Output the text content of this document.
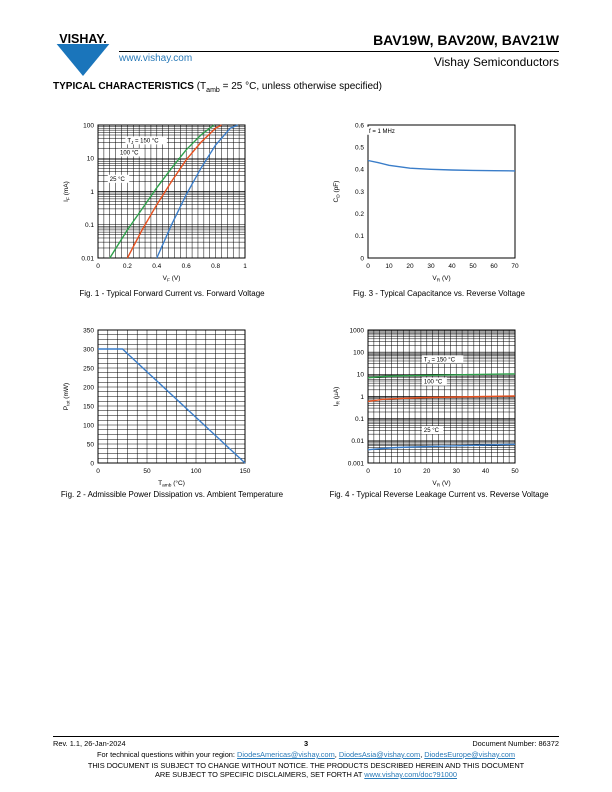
VISHAY.
www.vishay.com
BAV19W, BAV20W, BAV21W
Vishay Semiconductors
TYPICAL CHARACTERISTICS ($T_{amb} = 25$ °C, unless otherwise specified)
0	0.2	0.4	0.6	0.8	1
0.01
0.1
1
10
100
$V_F$ (V)
$I_F$ (mA)
$T_J = 150$ °C
100 °C
25 °C
0 10 20 30 40 50 60 70
0
0.1
0.2
0.3
0.4
0.5
0.6
$V_R$ (V)
$C_D$ (pF)
f = 1 MHz
0	50	100	150
0
50
100
150
200
250
300
350
$T_{amb}$ (°C)
$P_{tot}$ (mW)
0	10	20	30	40	50
0.001
0.01
0.1
1
10
100
1000
$V_R$ (V)
$I_R$ (µA)
$T_J = 150$ °C
100 °C
25 °C
Fig. 1 - Typical Forward Current vs. Forward Voltage	Fig. 3 - Typical Capacitance vs. Reverse Voltage
Fig. 2 - Admissible Power Dissipation vs. Ambient Temperature	Fig. 4 - Typical Reverse Leakage Current vs. Reverse Voltage
Rev. 1.1, 26-Jan-2024	3	Document Number: 86372
For technical questions within your region: DiodesAmericas@vishay.com, DiodesAsia@vishay.com, DiodesEurope@vishay.com
THIS DOCUMENT IS SUBJECT TO CHANGE WITHOUT NOTICE. THE PRODUCTS DESCRIBED HEREIN AND THIS DOCUMENT
ARE SUBJECT TO SPECIFIC DISCLAIMERS, SET FORTH AT www.vishay.com/doc?91000
